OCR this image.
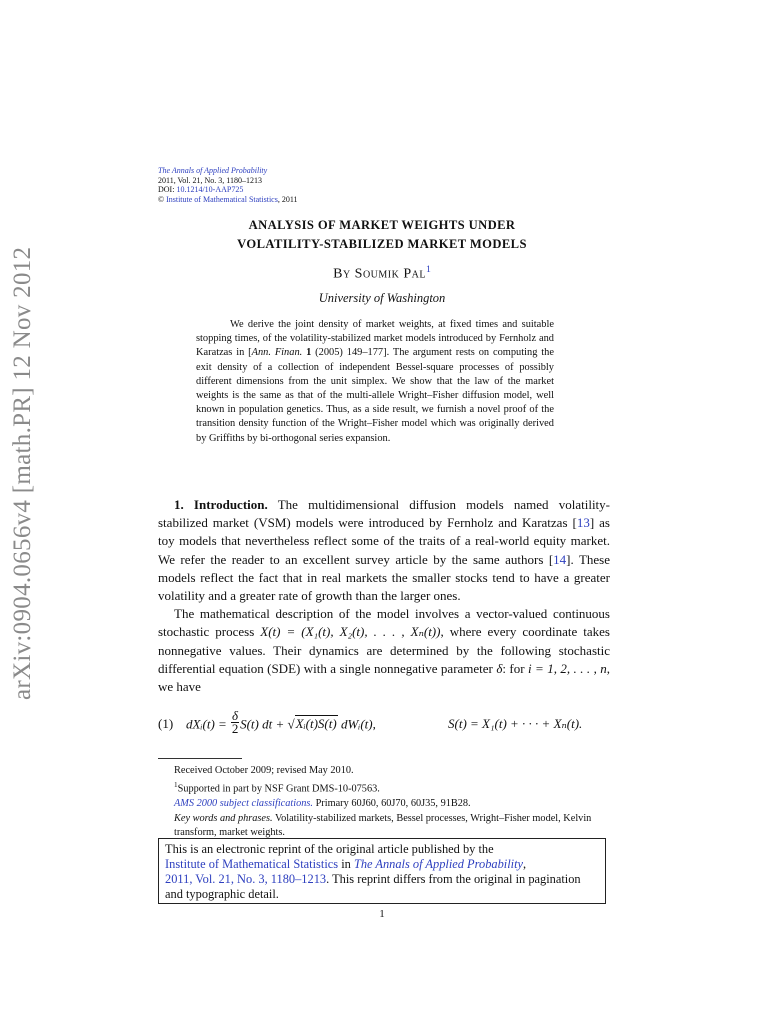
arXiv:0904.0656v4 [math.PR] 12 Nov 2012
The Annals of Applied Probability
2011, Vol. 21, No. 3, 1180–1213
DOI: 10.1214/10-AAP725
© Institute of Mathematical Statistics, 2011
ANALYSIS OF MARKET WEIGHTS UNDER
VOLATILITY-STABILIZED MARKET MODELS
By Soumik Pal$^1$
University of Washington

We derive the joint density of market weights, at fixed times and suitable stopping times, of the volatility-stabilized market models introduced by Fernholz and Karatzas in [Ann. Finan. 1 (2005) 149–177]. The argument rests on computing the exit density of a collection of independent Bessel-square processes of possibly different dimensions from the unit simplex. We show that the law of the market weights is the same as that of the multi-allele Wright–Fisher diffusion model, well known in population genetics. Thus, as a side result, we furnish a novel proof of the transition density function of the Wright–Fisher model which was originally derived by Griffiths by bi-orthogonal series expansion.

1. Introduction. The multidimensional diffusion models named volatility-stabilized market (VSM) models were introduced by Fernholz and Karatzas [13] as toy models that nevertheless reflect some of the traits of a real-world equity market. We refer the reader to an excellent survey article by the same authors [14]. These models reflect the fact that in real markets the smaller stocks tend to have a greater volatility and a greater rate of growth than the larger ones.

The mathematical description of the model involves a vector-valued continuous stochastic process X(t) = (X₁(t), X₂(t), . . . , Xₙ(t)), where every coordinate takes nonnegative values. Their dynamics are determined by the following stochastic differential equation (SDE) with a single nonnegative parameter δ: for i = 1, 2, . . . , n, we have

(1) dXᵢ(t) = $\frac{\delta}{2} S(t)$ dt + √Xᵢ(t)S(t) dWᵢ(t),	S(t) = X₁(t) + · · · + Xₙ(t).

Received October 2009; revised May 2010.

$^1$Supported in part by NSF Grant DMS-10-07563.

AMS 2000 subject classifications. Primary 60J60, 60J70, 60J35, 91B28.

Key words and phrases. Volatility-stabilized markets, Bessel processes, Wright–Fisher model, Kelvin transform, market weights.

This is an electronic reprint of the original article published by the
Institute of Mathematical Statistics in The Annals of Applied Probability,
2011, Vol. 21, No. 3, 1180–1213. This reprint differs from the original in pagination and typographic detail.
1
